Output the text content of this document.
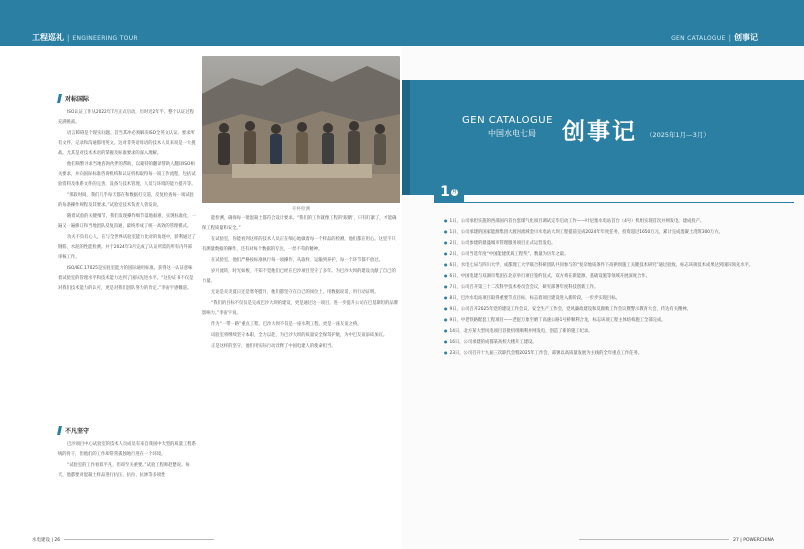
工程巡礼 | ENGINEERING TOUR
对标国际

ISO认证工作从2022年7月正式启动，历时近2年半。整个认证过程充满挑战。

语言障碍是个现实问题。首当其冲必须解决ISO全英文认证。要求所有文件、记录和沟通都用英文。这对非英语母语的技术人员来说是一大挑战。尤其是对技术术语的掌握及标准要求的深入理解。

他们频繁寻求当地咨询伙伴的帮助，以蒙特的翻译帮助人翻译ISO相关要求，并向国际标准咨询机构和认证机构取得每一项工作流程，包括试验资料及体系文件的完善，设备与技术管理，人员与环境的能力提升等。

“那段时间，我们几乎每天都在和数据打交道，反复检查每一项试验的每条操作规程及其要求。”试验室技术负责人曾发说。

随着试验的关键细节，我们发现操作细节落地艰难，实现标准化，一遍又一遍修订和当地团队反复沟通，最终形成了统一高效的管理模式。

功夫不负有心人，在与全世界试验室能力比对的角逐中，骄利通过了钢筋、水泥的性能检测。并于2024年3月完成了认证所需的所有内外部审核工作。

ISO/IEC 17025是实验室能力的国际通用标准。获得这一认证意味着试验室的管理水平和技术能力达到了国际先进水平。“这份证书不仅是对我们技术能力的认可，更是对我们团队努力的肯定。”李宙宇感慨道。

不凡坚守

巴沙项目中心试验室的技术人员成员有来自我国中大型的质量工程系统的骨干，但他们的工作却常常孤独地行进在一个环境。

“试验室的工作看似平凡，但却至关重要。”试验工程师赵楚说。每天，他都要对混凝土样品进行抗压、抗拉、抗渗等多项性

开杯检测

能检测，确保每一批混凝土都符合设计要求。“我们的工作就像工程的‘眼睛’，只有盯紧了，才能确保工程质量和安全。”

在试验室，你能看到这样的技术人员正在细心地做着每一个样品的检测，他们都在用心。这里不只有测量数据的操作，还有对每个数据的专注，一丝不苟的精神。

在试验室，他们严格按标准执行每一项操作，从取样、运输到养护，每一个环节都不放过。

岁月流转，时光如梭，不知不觉他们已经在巴沙项目坚守了多年。为巴沙大坝的建设贡献了自己的力量。

无论是炎炎夏日还是寒冬腊月，他们都坚守在自己的岗位上，用数据说话，用行动证明。

“我们的目标不仅仅是完成巴沙大坝的建设，更是通过这一项目，进一步提升公司在巴基斯坦的品牌影响力。”李宙宇说。

作为“一带一路”重点工程，巴沙大坝不仅是一座水利工程，更是一座友谊之桥。

试验室将继续坚守本职，全力以赴，为巴沙大坝的质量安全保驾护航，为中巴友谊添砖加瓦。

正是这样的坚守，他们用实际行动诠释了中国电建人的使命担当。

水电建设 | 26
GEN CATALOGUE | 创事记
GEN CATALOGUE
中国水电七局 创事记 （2025年1月—3月）
1 月

● 1日，公司承担实施的西部国内首台套煤气化项目调试完毕启动工作——叶尼塞水电站首台（4号）机组实现首次并网发电，建成投产。

● 1日，公司承建的国家能源集团大渡河流域金川水电站大坝工程提前完成2024年年度任务，投资超过1650万元，累计完成混凝土浇筑300万方。

● 2日，公司参建的鼎盛城市管理服务项目正式运营发电。

● 2日，公司当选年度“中国能建优质工程奖”，数量为历年之最。

● 6日，水电七局与四川大学、成都理工大学联合科研团队共同参与的“复杂地质条件下高拱坝施工关键技术研究”通过验收，标志该项技术成果达到国际领先水平。

● 6日，中国电建与双湖市集团在北京举行项目签约仪式，双方将在新能源、基础设施等领域开展深度合作。

● 7日，公司召开第三十二次科学技术委员会会议，研究部署年度科技创新工作。

● 8日，巴沙水电站项目取得重要节点目标，标志着项目建设进入新阶段，一步步实现目标。

● 9日，公司召开2025年党的建设工作会议、安全生产工作会，党风廉政建设和反腐败工作会议暨警示教育大会，传达有关精神。

● 9日，中老铁路配套工程项目——老挝万象至磨丁高速公路1号桥顺利合龙，标志该项工程主体结构施工全部完成。

● 14日，北方某大型风电项目首批机组顺利并网发电，创造了新的施工纪录。

● 16日，公司承建的成都某高校大楼开工建设。

● 23日，公司召开十九届三次职代会暨2025年工作会，部署以高质量发展为主线的全年重点工作任务。

27 | POWERCHINA
